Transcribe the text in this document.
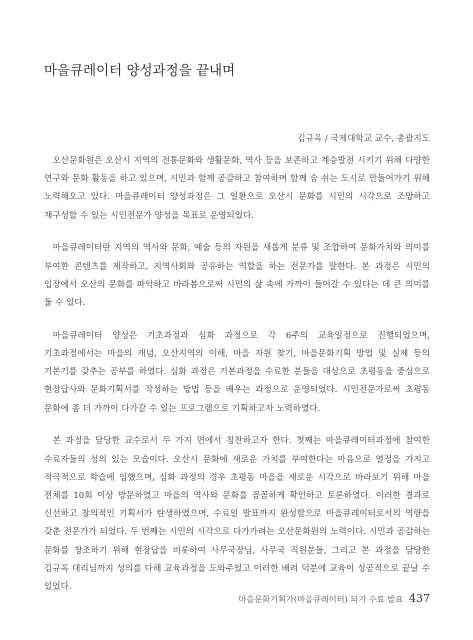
마을큐레이터 양성과정을 끝내며
김규옥 / 국제대학교 교수, 총괄지도

오산문화원은 오산시 지역의 전통문화와 생활문화, 역사 등을 보존하고 계승발전 시키기 위해 다양한 연구와 문화 활동을 하고 있으며, 시민과 함께 공감하고 참여하며 함께 숨 쉬는 도시로 만들어가기 위해 노력해오고 있다. 마을큐레이터 양성과정은 그 일환으로 오산시 문화를 시민의 시각으로 조망하고 재구성할 수 있는 시민전문가 양성을 목표로 운영되었다.

마을큐레이터란 지역의 역사와 문화, 예술 등의 자원을 새롭게 분류 및 조합하여 문화가치와 의미를 부여한 콘텐츠를 제작하고, 지역사회와 공유하는 역할을 하는 전문가를 말한다. 본 과정은 시민의 입장에서 오산의 문화를 파악하고 바라봄으로써 시민의 삶 속에 가까이 들어갈 수 있다는 데 큰 의미를 둘 수 있다.

마을큐레이터 양성은 기초과정과 심화 과정으로 각 6주의 교육일정으로 진행되었으며, 기초과정에서는 마을의 개념, 오산지역의 이해, 마을 자원 찾기, 마을문화기획 방법 및 실제 등의 기본기를 갖추는 공부를 하였다. 심화 과정은 기본과정을 수료한 분들을 대상으로 초평동을 중심으로 현장답사와 문화기획서를 작성하는 방법 등을 배우는 과정으로 운영되었다. 시민전문가로써 초평동 문화에 좀 더 가까이 다가갈 수 있는 프로그램으로 기획하고자 노력하였다.

본 과정을 담당한 교수로서 두 가지 면에서 칭찬하고자 한다. 첫째는 마을큐레이터과정에 참여한 수료자들의 성의 있는 모습이다. 오산시 문화에 새로운 가치를 부여한다는 마음으로 열정을 가지고 적극적으로 학습에 임했으며, 심화 과정의 경우 초평동 마을을 새로운 시각으로 바라보기 위해 마을 전체를 10회 이상 방문하였고 마을의 역사와 문화를 꼼꼼하게 확인하고 토론하였다. 이러한 결과로 신선하고 창의적인 기획서가 탄생하였으며, 수료일 발표까지 완성함으로 마을큐레이터로서의 역량을 갖춘 전문가가 되었다. 두 번째는 시민의 시각으로 다가가려는 오산문화원의 노력이다. 시민과 공감하는 문화를 창조하기 위해 현장답을 비롯하여 사무국장님, 사무국 직원분들, 그리고 본 과정을 담당한 김규옥 대리님까지 성의를 다해 교육과정을 도와주었고 이러한 배려 덕분에 교육이 성공적으로 끝날 수 있었다.

마을문화기획가(마을큐레이터) 되기 수료 발표 437
